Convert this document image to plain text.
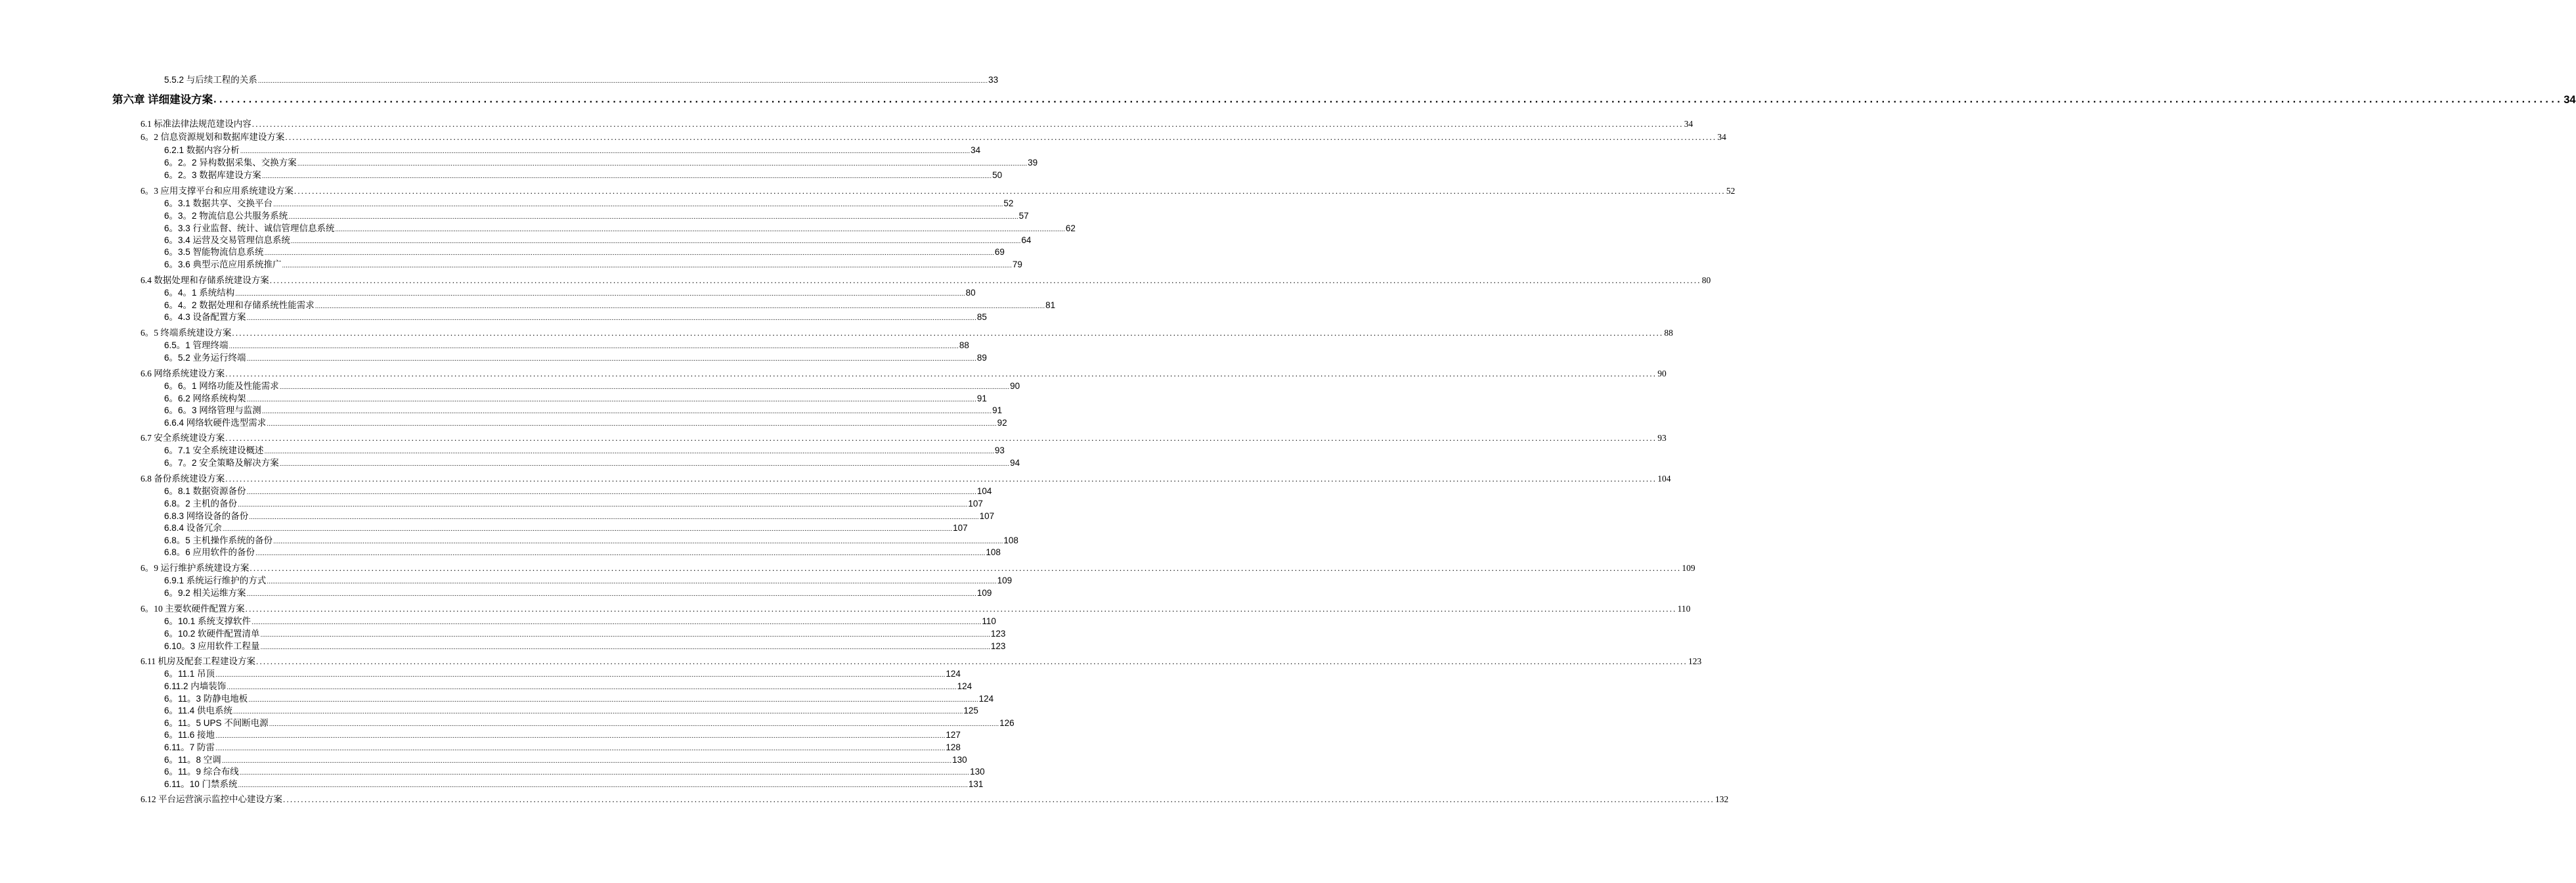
5.5.2 与后续工程的关系 ................................................................................................................................................................................................................................................................................................................................................................................................................ 33
第六章 详细建设方案 ................................................................................................................................................................................................................................................................................................................................................................................................................ 34
6.1 标准法律法规范建设内容 ................................................................................................................................................................................................................................................................................................................................................................................................................ 34
6。2 信息资源规划和数据库建设方案 ................................................................................................................................................................................................................................................................................................................................................................................................................ 34
6.2.1 数据内容分析 ................................................................................................................................................................................................................................................................................................................................................................................................................ 34
6。2。2 异构数据采集、交换方案 ................................................................................................................................................................................................................................................................................................................................................................................................................ 39
6。2。3 数据库建设方案 ................................................................................................................................................................................................................................................................................................................................................................................................................ 50
6。3 应用支撑平台和应用系统建设方案 ................................................................................................................................................................................................................................................................................................................................................................................................................ 52
6。3.1 数据共享、交换平台 ................................................................................................................................................................................................................................................................................................................................................................................................................ 52
6。3。2 物流信息公共服务系统 ................................................................................................................................................................................................................................................................................................................................................................................................................ 57
6。3.3 行业监督、统计、诚信管理信息系统 ................................................................................................................................................................................................................................................................................................................................................................................................................ 62
6。3.4 运营及交易管理信息系统 ................................................................................................................................................................................................................................................................................................................................................................................................................ 64
6。3.5 智能物流信息系统 ................................................................................................................................................................................................................................................................................................................................................................................................................ 69
6。3.6 典型示范应用系统推广 ................................................................................................................................................................................................................................................................................................................................................................................................................ 79
6.4 数据处理和存储系统建设方案 ................................................................................................................................................................................................................................................................................................................................................................................................................ 80
6。4。1 系统结构 ................................................................................................................................................................................................................................................................................................................................................................................................................ 80
6。4。2 数据处理和存储系统性能需求 ................................................................................................................................................................................................................................................................................................................................................................................................................ 81
6。4.3 设备配置方案 ................................................................................................................................................................................................................................................................................................................................................................................................................ 85
6。5 终端系统建设方案 ................................................................................................................................................................................................................................................................................................................................................................................................................ 88
6.5。1 管理终端 ................................................................................................................................................................................................................................................................................................................................................................................................................ 88
6。5.2 业务运行终端 ................................................................................................................................................................................................................................................................................................................................................................................................................ 89
6.6 网络系统建设方案 ................................................................................................................................................................................................................................................................................................................................................................................................................ 90
6。6。1 网络功能及性能需求 ................................................................................................................................................................................................................................................................................................................................................................................................................ 90
6。6.2 网络系统构架 ................................................................................................................................................................................................................................................................................................................................................................................................................ 91
6。6。3 网络管理与监测 ................................................................................................................................................................................................................................................................................................................................................................................................................ 91
6.6.4 网络软硬件选型需求 ................................................................................................................................................................................................................................................................................................................................................................................................................ 92
6.7 安全系统建设方案 ................................................................................................................................................................................................................................................................................................................................................................................................................ 93
6。7.1 安全系统建设概述 ................................................................................................................................................................................................................................................................................................................................................................................................................ 93
6。7。2 安全策略及解决方案 ................................................................................................................................................................................................................................................................................................................................................................................................................ 94
6.8 备份系统建设方案 ................................................................................................................................................................................................................................................................................................................................................................................................................ 104
6。8.1 数据资源备份 ................................................................................................................................................................................................................................................................................................................................................................................................................ 104
6.8。2 主机的备份 ................................................................................................................................................................................................................................................................................................................................................................................................................ 107
6.8.3 网络设备的备份 ................................................................................................................................................................................................................................................................................................................................................................................................................ 107
6.8.4 设备冗余 ................................................................................................................................................................................................................................................................................................................................................................................................................ 107
6.8。5 主机操作系统的备份 ................................................................................................................................................................................................................................................................................................................................................................................................................ 108
6.8。6 应用软件的备份 ................................................................................................................................................................................................................................................................................................................................................................................................................ 108
6。9 运行维护系统建设方案 ................................................................................................................................................................................................................................................................................................................................................................................................................ 109
6.9.1 系统运行维护的方式 ................................................................................................................................................................................................................................................................................................................................................................................................................ 109
6。9.2 相关运维方案 ................................................................................................................................................................................................................................................................................................................................................................................................................ 109
6。10 主要软硬件配置方案 ................................................................................................................................................................................................................................................................................................................................................................................................................ 110
6。10.1 系统支撑软件 ................................................................................................................................................................................................................................................................................................................................................................................................................ 110
6。10.2 软硬件配置清单 ................................................................................................................................................................................................................................................................................................................................................................................................................ 123
6.10。3 应用软件工程量 ................................................................................................................................................................................................................................................................................................................................................................................................................ 123
6.11 机房及配套工程建设方案 ................................................................................................................................................................................................................................................................................................................................................................................................................ 123
6。11.1 吊顶 ................................................................................................................................................................................................................................................................................................................................................................................................................ 124
6.11.2 内墙装饰 ................................................................................................................................................................................................................................................................................................................................................................................................................ 124
6。11。3 防静电地板 ................................................................................................................................................................................................................................................................................................................................................................................................................ 124
6。11.4 供电系统 ................................................................................................................................................................................................................................................................................................................................................................................................................ 125
6。11。5 UPS 不间断电源 ................................................................................................................................................................................................................................................................................................................................................................................................................ 126
6。11.6 接地 ................................................................................................................................................................................................................................................................................................................................................................................................................ 127
6.11。7 防雷 ................................................................................................................................................................................................................................................................................................................................................................................................................ 128
6。11。8 空调 ................................................................................................................................................................................................................................................................................................................................................................................................................ 130
6。11。9 综合布线 ................................................................................................................................................................................................................................................................................................................................................................................................................ 130
6.11。10 门禁系统 ................................................................................................................................................................................................................................................................................................................................................................................................................ 131
6.12 平台运营演示监控中心建设方案 ................................................................................................................................................................................................................................................................................................................................................................................................................ 132
